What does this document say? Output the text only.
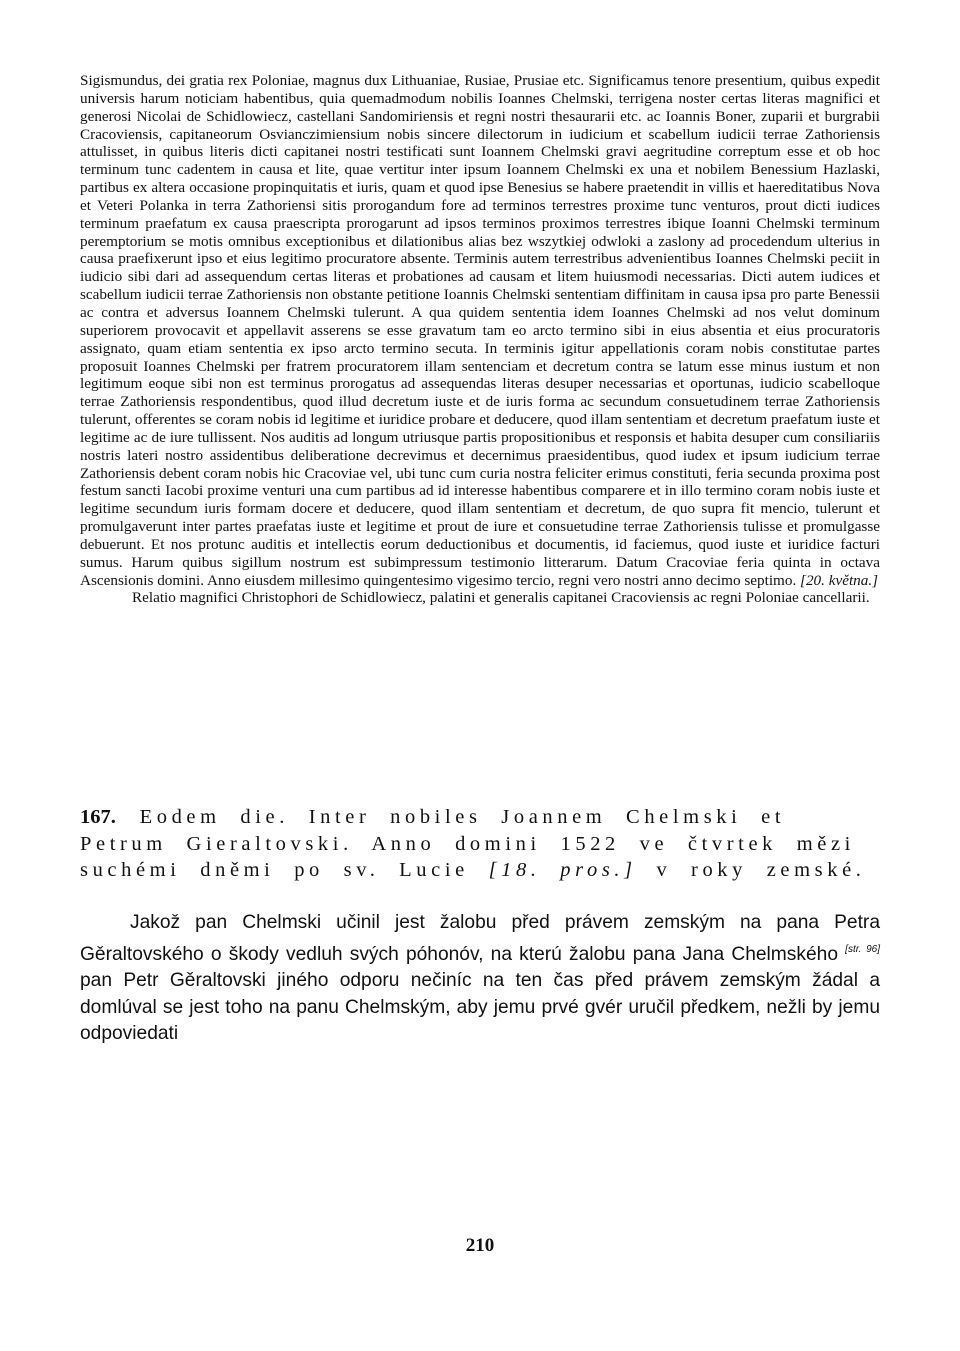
Sigismundus, dei gratia rex Poloniae, magnus dux Lithuaniae, Rusiae, Prusiae etc. Significamus tenore presentium, quibus expedit universis harum noticiam habentibus, quia quemadmodum nobilis Ioannes Chelmski, terrigena noster certas literas magnifici et generosi Nicolai de Schidlowiecz, castellani Sandomiriensis et regni nostri thesaurarii etc. ac Ioannis Boner, zuparii et burgrabii Cracoviensis, capitaneorum Osvianczimiensium nobis sincere dilectorum in iudicium et scabellum iudicii terrae Zathoriensis attulisset, in quibus literis dicti capitanei nostri testificati sunt Ioannem Chelmski gravi aegritudine correptum esse et ob hoc terminum tunc cadentem in causa et lite, quae vertitur inter ipsum Ioannem Chelmski ex una et nobilem Benessium Hazlaski, partibus ex altera occasione propinquitatis et iuris, quam et quod ipse Benesius se habere praetendit in villis et haereditatibus Nova et Veteri Polanka in terra Zathoriensi sitis prorogandum fore ad terminos terrestres proxime tunc venturos, prout dicti iudices terminum praefatum ex causa praescripta prorogarunt ad ipsos terminos proximos terrestres ibique Ioanni Chelmski terminum peremptorium se motis omnibus exceptionibus et dilationibus alias bez wszytkiej odwloki a zaslony ad procedendum ulterius in causa praefixerunt ipso et eius legitimo procuratore absente. Terminis autem terrestribus advenientibus Ioannes Chelmski peciit in iudicio sibi dari ad assequendum certas literas et probationes ad causam et litem huiusmodi necessarias. Dicti autem iudices et scabellum iudicii terrae Zathoriensis non obstante petitione Ioannis Chelmski sententiam diffinitam in causa ipsa pro parte Benessii ac contra et adversus Ioannem Chelmski tulerunt. A qua quidem sententia idem Ioannes Chelmski ad nos velut dominum superiorem provocavit et appellavit asserens se esse gravatum tam eo arcto termino sibi in eius absentia et eius procuratoris assignato, quam etiam sententia ex ipso arcto termino secuta. In terminis igitur appellationis coram nobis constitutae partes proposuit Ioannes Chelmski per fratrem procuratorem illam sentenciam et decretum contra se latum esse minus iustum et non legitimum eoque sibi non est terminus prorogatus ad assequendas literas desuper necessarias et oportunas, iudicio scabelloque terrae Zathoriensis respondentibus, quod illud decretum iuste et de iuris forma ac secundum consuetudinem terrae Zathoriensis tulerunt, offerentes se coram nobis id legitime et iuridice probare et deducere, quod illam sententiam et decretum praefatum iuste et legitime ac de iure tullissent. Nos auditis ad longum utriusque partis propositionibus et responsis et habita desuper cum consiliariis nostris lateri nostro assidentibus deliberatione decrevimus et decernimus praesidentibus, quod iudex et ipsum iudicium terrae Zathoriensis debent coram nobis hic Cracoviae vel, ubi tunc cum curia nostra feliciter erimus constituti, feria secunda proxima post festum sancti Iacobi proxime venturi una cum partibus ad id interesse habentibus comparere et in illo termino coram nobis iuste et legitime secundum iuris formam docere et deducere, quod illam sententiam et decretum, de quo supra fit mencio, tulerunt et promulgaverunt inter partes praefatas iuste et legitime et prout de iure et consuetudine terrae Zathoriensis tulisse et promulgasse debuerunt. Et nos protunc auditis et intellectis eorum deductionibus et documentis, id faciemus, quod iuste et iuridice facturi sumus. Harum quibus sigillum nostrum est subimpressum testimonio litterarum. Datum Cracoviae feria quinta in octava Ascensionis domini. Anno eiusdem millesimo quingentesimo vigesimo tercio, regni vero nostri anno decimo septimo. [20. května.]

Relatio magnifici Christophori de Schidlowiecz, palatini et generalis capitanei Cracoviensis ac regni Poloniae cancellarii.

167. Eodem die. Inter nobiles Joannem Chelmski et Petrum Gieraltovski. Anno domini 1522 ve čtvrtek mězi suchémi dněmi po sv. Lucie [18. pros.] v roky zemské.

Jakož pan Chelmski učinil jest žalobu před právem zemským na pana Petra Gěraltovského o škody vedluh svých póhonóv, na kterú žalobu pana Jana Chelmského [str. 96] pan Petr Gěraltovski jiného odporu nečiníc na ten čas před právem zemským žádal a domlúval se jest toho na panu Chelmským, aby jemu prvé gvér uručil předkem, nežli by jemu odpoviedati

210
